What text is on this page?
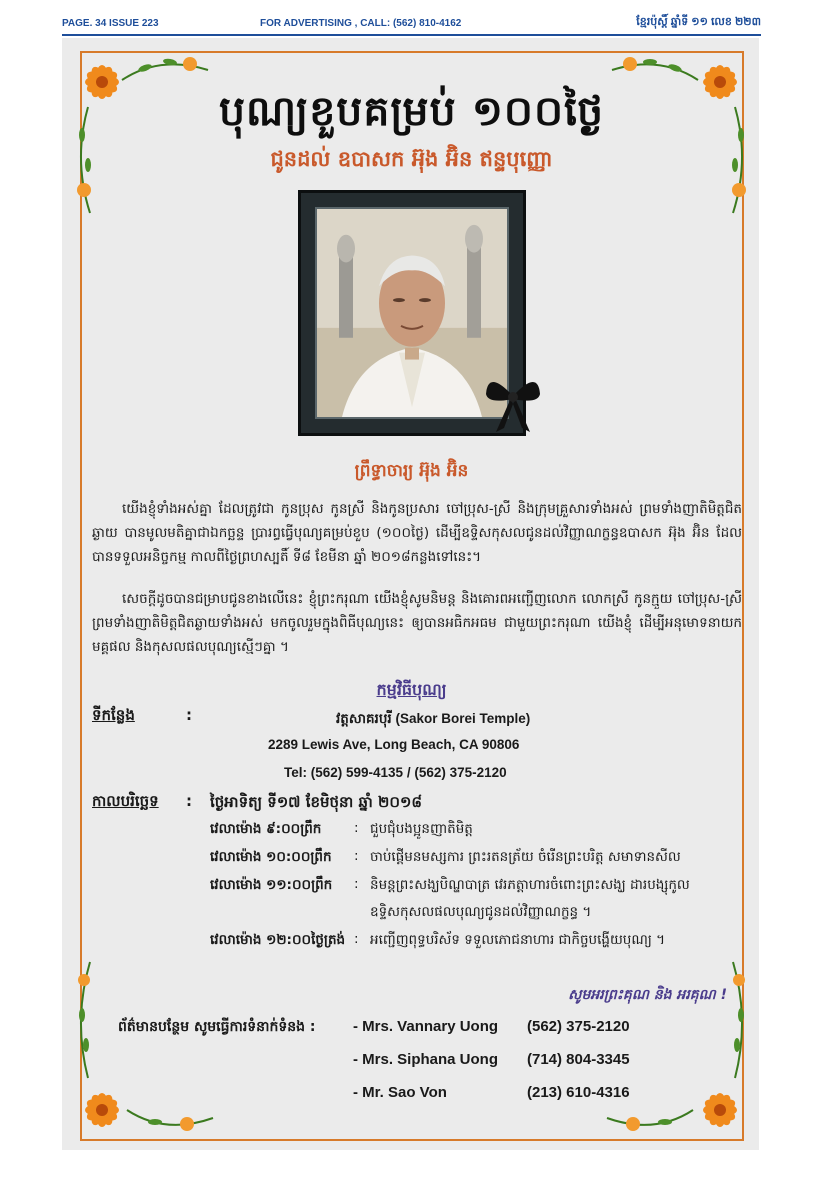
PAGE. 34 ISSUE 223	FOR ADVERTISING , CALL: (562) 810-4162	ខ្មែរប៉ុស្តិ៍ ឆ្នាំទី ១១ លេខ ២២៣
បុណ្យខួបគម្រប់ ១០០ថ្ងៃ
ជូនដល់ ឧបាសក អ៊ុង អ៊ិន ឥន្ទបុញ្ញោ
ព្រឹទ្ធាចារ្យ អ៊ុង អ៊ិន
យើងខ្ញុំទាំងអស់គ្នា ដែលត្រូវជា កូនប្រុស កូនស្រី និងកូនប្រសារ ចៅប្រុស-ស្រី និងក្រុមគ្រួសារទាំងអស់ ព្រមទាំងញាតិមិត្តជិតឆ្ងាយ បានមូលមតិគ្នាជាឯកច្ឆន្ទ ប្រារព្ធធ្វើបុណ្យគម្រប់ខួប (១០០ថ្ងៃ) ដើម្បីឧទ្ទិសកុសលជូនដល់វិញ្ញាណក្ខន្ធឧបាសក អ៊ុង អ៊ិន ដែលបានទទួលអនិច្ចកម្ម កាលពីថ្ងៃព្រហស្បតិ៍ ទី៨ ខែមីនា ឆ្នាំ ២០១៨កន្លងទៅនេះ។
សេចក្តីដូចបានជម្រាបជូនខាងលើនេះ ខ្ញុំព្រះករុណា យើងខ្ញុំសូមនិមន្ត និងគោរពអញ្ជើញលោក លោកស្រី កូនក្មួយ ចៅប្រុស-ស្រី ព្រមទាំងញាតិមិត្តជិតឆ្ងាយទាំងអស់ មកចូលរួមក្នុងពិធីបុណ្យនេះ ឲ្យបានអធិកអធម ជាមួយព្រះករុណា យើងខ្ញុំ ដើម្បីអនុមោទនាយកមគ្គផល និងកុសលផលបុណ្យស្មើៗគ្នា ។
កម្មវិធីបុណ្យ
ទីកន្លែង	:	វត្តសាគរបុរី (Sakor Borei Temple)
2289 Lewis Ave, Long Beach, CA 90806
Tel: (562) 599-4135 / (562) 375-2120
កាលបរិច្ឆេទ : ថ្ងៃអាទិត្យ ទី១៧ ខែមិថុនា ឆ្នាំ ២០១៨
វេលាម៉ោង ៩:០០ព្រឹក : ជួបជុំបងប្អូនញាតិមិត្ត
វេលាម៉ោង ១០:០០ព្រឹក : ចាប់ផ្តើមនមស្សការ ព្រះរតនត្រ័យ ចំរើនព្រះបរិត្ត សមាទានសីល
វេលាម៉ោង ១១:០០ព្រឹក : និមន្តព្រះសង្ឃបិណ្ឌបាត្រ វេរភត្តាហារចំពោះព្រះសង្ឃ ដារបង្សុកូល
ឧទ្ទិសកុសលផលបុណ្យជូនដល់វិញ្ញាណក្ខន្ធ ។
វេលាម៉ោង ១២:០០ថ្ងៃត្រង់ : អញ្ជើញពុទ្ធបរិស័ទ ទទួលភោជនាហារ ជាកិច្ចបង្ហើយបុណ្យ ។
សូមអរព្រះគុណ និង អរគុណ !
ព័ត៌មានបន្ថែម សូមធ្វើការទំនាក់ទំនង : - Mrs. Vannary Uong (562) 375-2120
- Mrs. Siphana Uong (714) 804-3345
- Mr. Sao Von	(213) 610-4316
